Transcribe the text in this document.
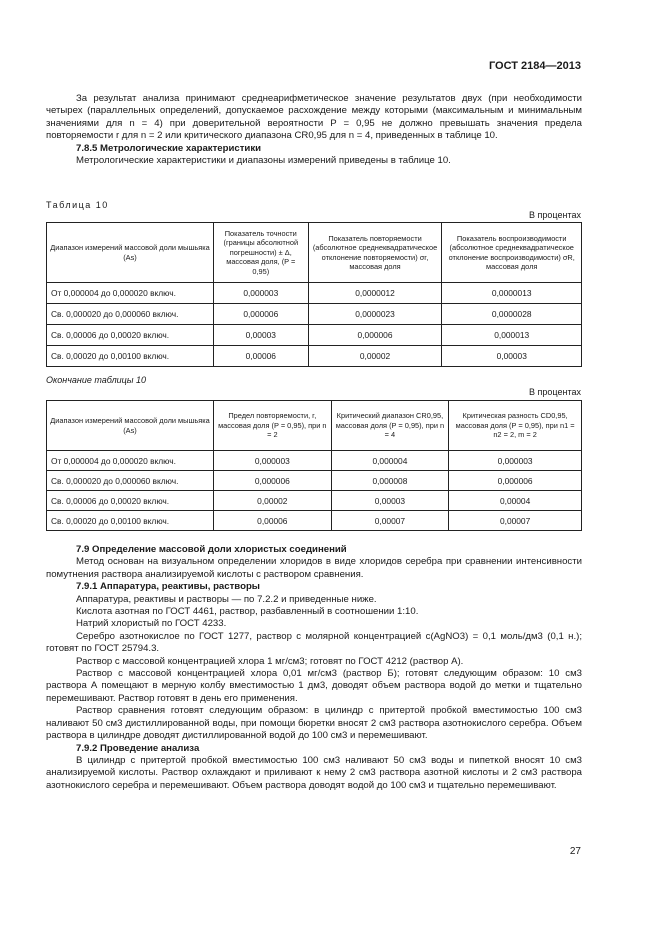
ГОСТ 2184—2013

За результат анализа принимают среднеарифметическое значение результатов двух (при необходимости четырех (параллельных определений, допускаемое расхождение между которыми (максимальным и минимальным значениями для n = 4) при доверительной вероятности P = 0,95 не должно превышать значения предела повторяемости r для n = 2 или критического диапазона CR0,95 для n = 4, приведенных в таблице 10.

7.8.5 Метрологические характеристики

Метрологические характеристики и диапазоны измерений приведены в таблице 10.

Таблица 10
В процентах
Диапазон измерений массовой доли мышьяка (As)	Показатель точности (границы абсолютной погрешности) ± Δ, массовая доля, (P = 0,95)	Показатель повторяемости (абсолютное среднеквадратическое отклонение повторяемости) σr, массовая доля	Показатель воспроизводимости (абсолютное среднеквадратическое отклонение воспроизводимости) σR, массовая доля
От 0,000004 до 0,000020 включ.	0,000003	0,0000012	0,0000013
Св. 0,000020 до 0,000060 включ.	0,000006	0,0000023	0,0000028
Св. 0,00006 до 0,00020 включ.	0,00003	0,000006	0,000013
Св. 0,00020 до 0,00100 включ.	0,00006	0,00002	0,00003
Окончание таблицы 10
В процентах
Диапазон измерений массовой доли мышьяка (As)	Предел повторяемости, r, массовая доля (P = 0,95), при n = 2	Критический диапазон CR0,95, массовая доля (P = 0,95), при n = 4	Критическая разность CD0,95, массовая доля (P = 0,95), при n1 = n2 = 2, m = 2
От 0,000004 до 0,000020 включ.	0,000003	0,000004	0,000003
Св. 0,000020 до 0,000060 включ.	0,000006	0,000008	0,000006
Св. 0,00006 до 0,00020 включ.	0,00002	0,00003	0,00004
Св. 0,00020 до 0,00100 включ.	0,00006	0,00007	0,00007

7.9 Определение массовой доли хлористых соединений

Метод основан на визуальном определении хлоридов в виде хлоридов серебра при сравнении интенсивности помутнения раствора анализируемой кислоты с раствором сравнения.

7.9.1 Аппаратура, реактивы, растворы

Аппаратура, реактивы и растворы — по 7.2.2 и приведенные ниже.

Кислота азотная по ГОСТ 4461, раствор, разбавленный в соотношении 1:10.

Натрий хлористый по ГОСТ 4233.

Серебро азотнокислое по ГОСТ 1277, раствор с молярной концентрацией c(AgNO3) = 0,1 моль/дм3 (0,1 н.); готовят по ГОСТ 25794.3.

Раствор с массовой концентрацией хлора 1 мг/см3; готовят по ГОСТ 4212 (раствор А).

Раствор с массовой концентрацией хлора 0,01 мг/см3 (раствор Б); готовят следующим образом: 10 см3 раствора А помещают в мерную колбу вместимостью 1 дм3, доводят объем раствора водой до метки и тщательно перемешивают. Раствор готовят в день его применения.

Раствор сравнения готовят следующим образом: в цилиндр с притертой пробкой вместимостью 100 см3 наливают 50 см3 дистиллированной воды, при помощи бюретки вносят 2 см3 раствора азотнокислого серебра. Объем раствора в цилиндре доводят дистиллированной водой до 100 см3 и перемешивают.

7.9.2 Проведение анализа

В цилиндр с притертой пробкой вместимостью 100 см3 наливают 50 см3 воды и пипеткой вносят 10 см3 анализируемой кислоты. Раствор охлаждают и приливают к нему 2 см3 раствора азотной кислоты и 2 см3 раствора азотнокислого серебра и перемешивают. Объем раствора доводят водой до 100 см3 и тщательно перемешивают.

27
